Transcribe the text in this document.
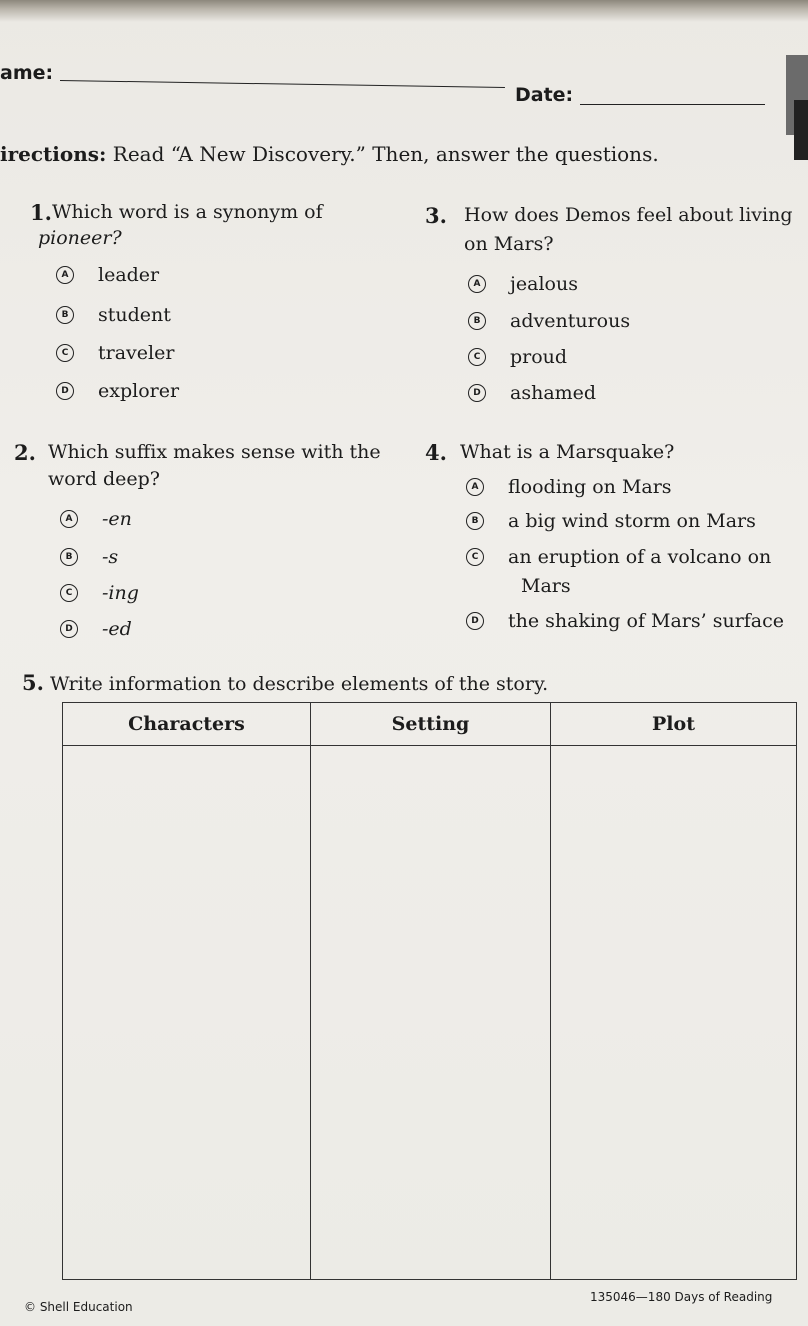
ame:
Date:
irections: Read “A New Discovery.” Then, answer the questions.
1. Which word is a synonym of
pioneer?
A leader
B student
C	traveler
D explorer
3. How does Demos feel about living
on Mars?
A jealous
B adventurous
C	proud
D ashamed
2. Which suffix makes sense with the
word deep?
A -en
B -s
C	-ing
D -ed
4. What is a Marsquake?
A flooding on Mars
B a big wind storm on Mars
C	an eruption of a volcano on
Mars
D the shaking of Mars’ surface
5. Write information to describe elements of the story.
Characters	Setting	Plot

© Shell Education
135046—180 Days of Reading
